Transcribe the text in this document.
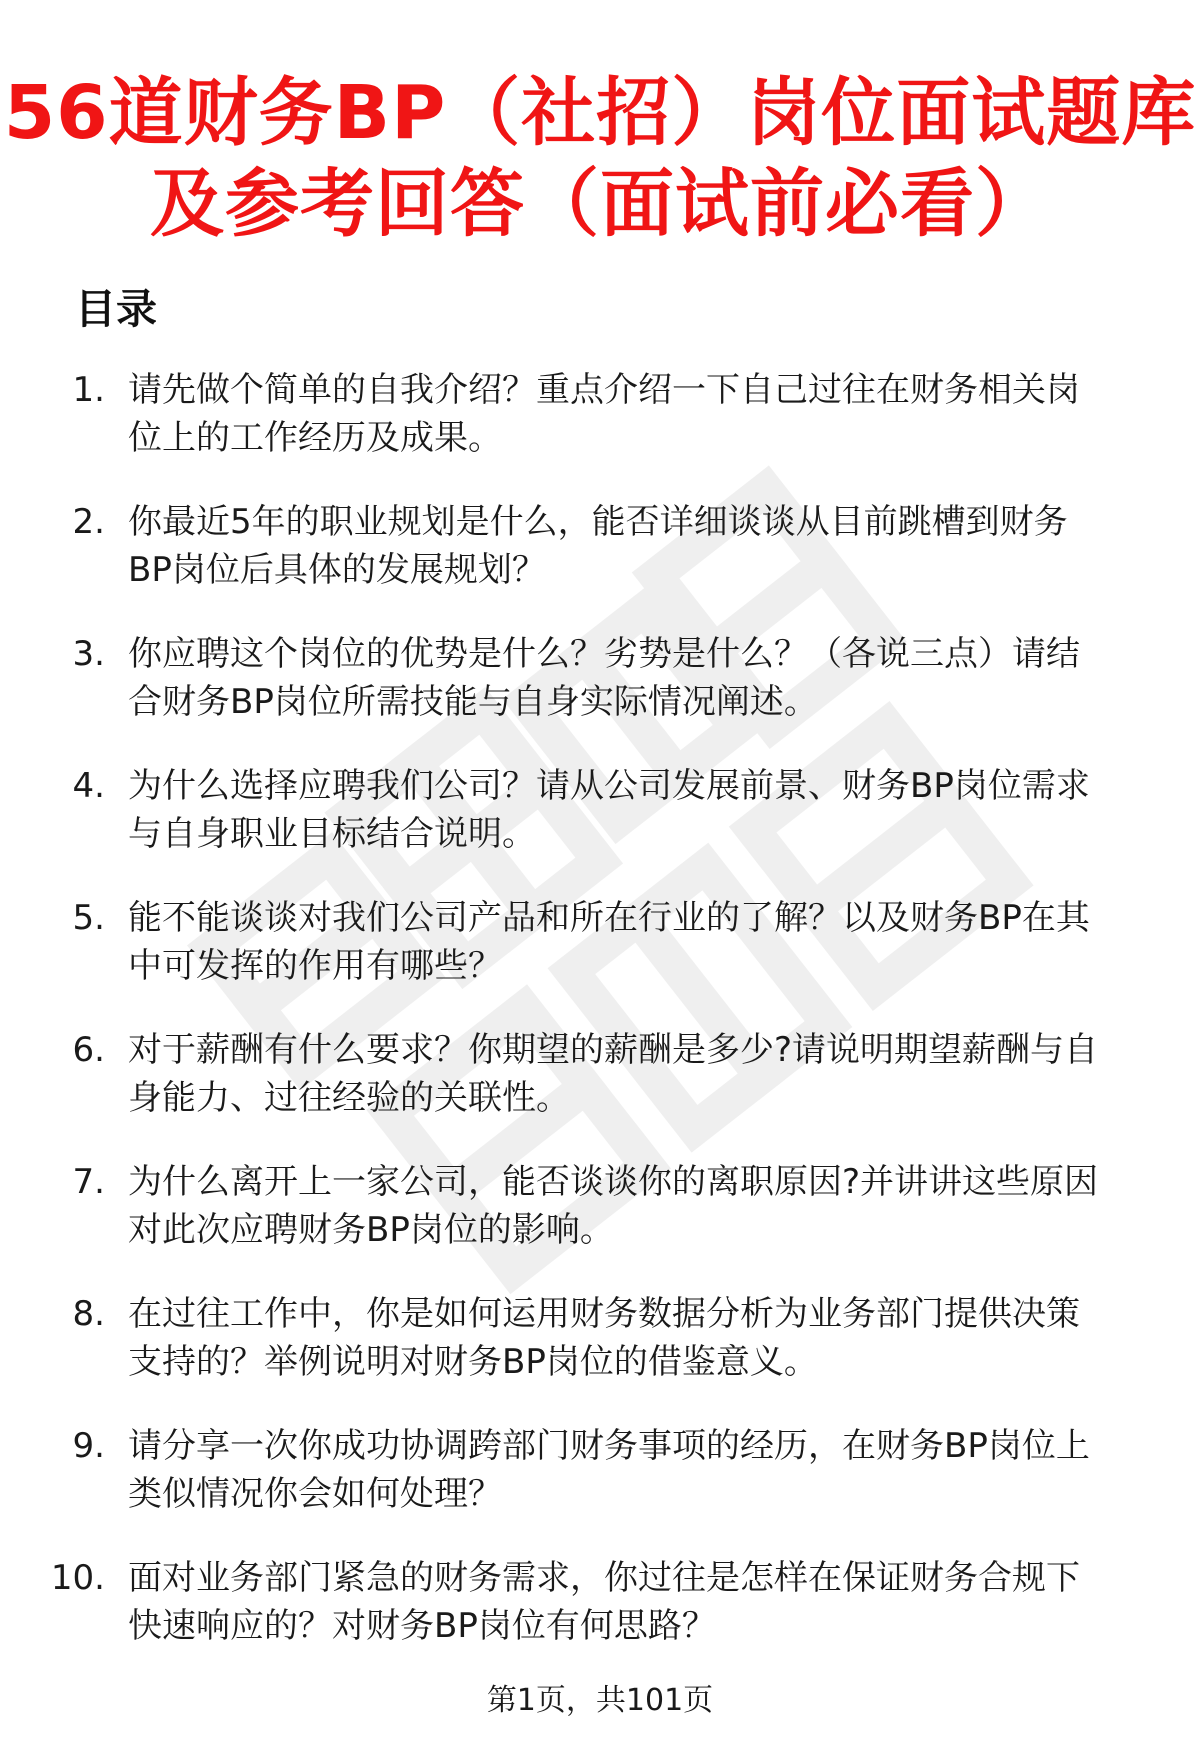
56道财务BP（社招）岗位面试题库
及参考回答（面试前必看）
目录
1. 请先做个简单的自我介绍？重点介绍一下自己过往在财务相关岗
位上的工作经历及成果。
2. 你最近5年的职业规划是什么，能否详细谈谈从目前跳槽到财务
BP岗位后具体的发展规划？
3. 你应聘这个岗位的优势是什么？劣势是什么？（各说三点）请结
合财务BP岗位所需技能与自身实际情况阐述。
4. 为什么选择应聘我们公司？请从公司发展前景、财务BP岗位需求
与自身职业目标结合说明。
5. 能不能谈谈对我们公司产品和所在行业的了解？以及财务BP在其
中可发挥的作用有哪些？
6. 对于薪酬有什么要求？你期望的薪酬是多少?请说明期望薪酬与自
身能力、过往经验的关联性。
7. 为什么离开上一家公司，能否谈谈你的离职原因?并讲讲这些原因
对此次应聘财务BP岗位的影响。
8. 在过往工作中，你是如何运用财务数据分析为业务部门提供决策
支持的？举例说明对财务BP岗位的借鉴意义。
9. 请分享一次你成功协调跨部门财务事项的经历，在财务BP岗位上
类似情况你会如何处理？
10. 面对业务部门紧急的财务需求，你过往是怎样在保证财务合规下
快速响应的？对财务BP岗位有何思路？
第1页，共101页
